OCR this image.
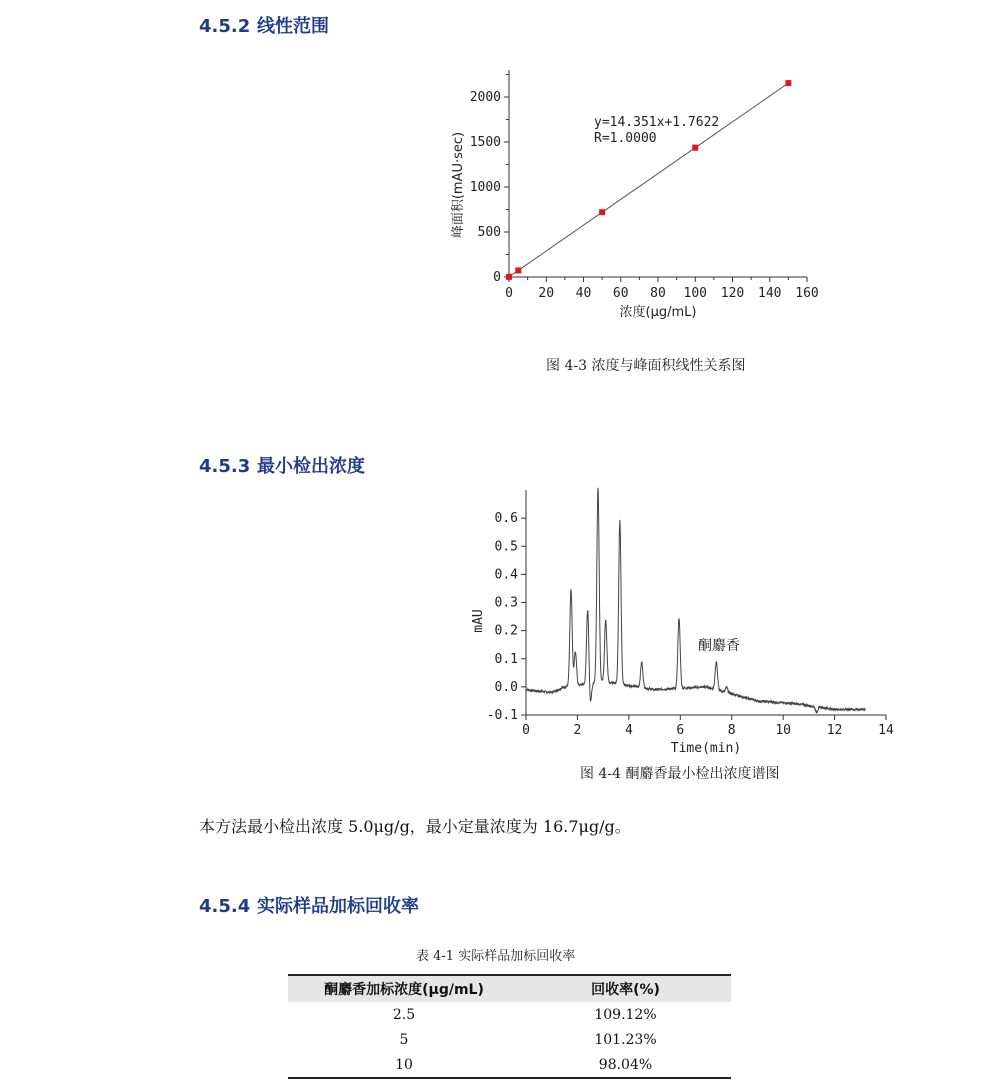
4.5.2 线性范围
4.5.3 最小检出浓度
4.5.4 实际样品加标回收率
0 20 40 60 80 100 120 140 160
0
500
1000
1500
2000
y=14.351x+1.7622
R=1.0000
浓度(μg/mL)
峰面积(mAU·sec)
图 4-3 浓度与峰面积线性关系图
0	2	4	6	8	10	12	14
-0.1
0.0
0.1
0.2
0.3
0.4
0.5
0.6
酮麝香
Time(min)
mAU
图 4-4 酮麝香最小检出浓度谱图
本方法最小检出浓度 5.0μg/g，最小定量浓度为 16.7μg/g。
表 4-1 实际样品加标回收率
酮麝香加标浓度(μg/mL)	回收率(%)
2.5	109.12%
5	101.23%
10	98.04%
